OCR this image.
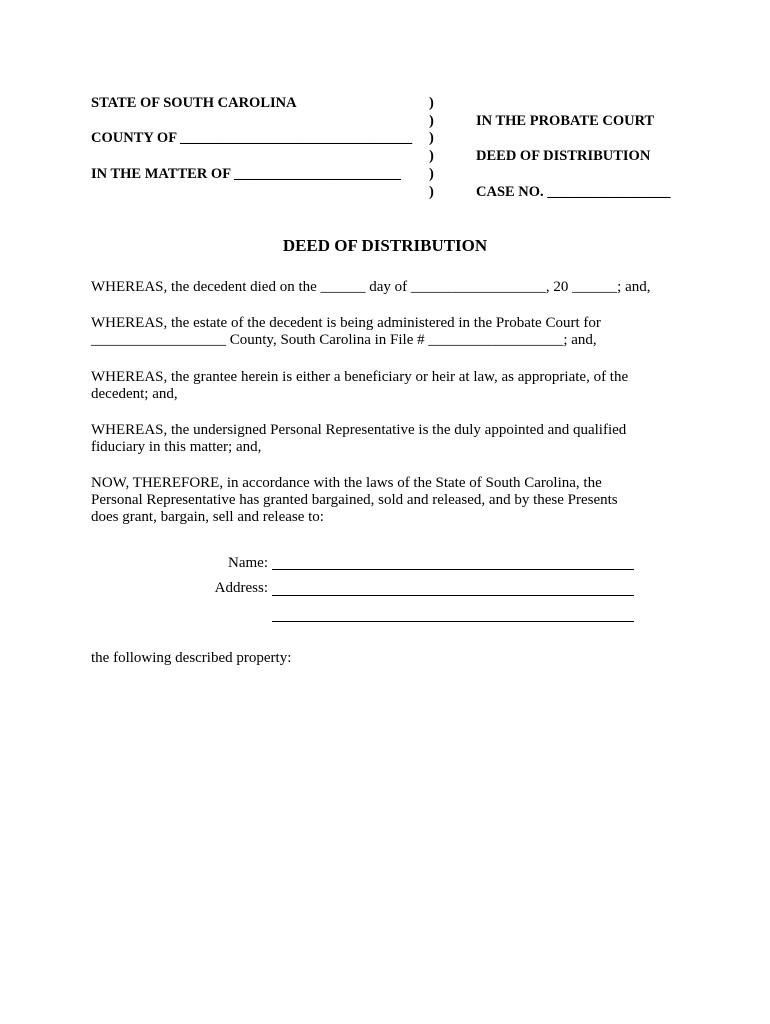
STATE OF SOUTH CAROLINA
COUNTY OF ________________________________
IN THE MATTER OF _______________________
)
)
)
)
)
)
IN THE PROBATE COURT
DEED OF DISTRIBUTION
CASE NO. _________________
DEED OF DISTRIBUTION
WHEREAS, the decedent died on the ______ day of __________________, 20 ______; and,
WHEREAS, the estate of the decedent is being administered in the Probate Court for
__________________ County, South Carolina in File # __________________; and,
WHEREAS, the grantee herein is either a beneficiary or heir at law, as appropriate, of the
decedent; and,
WHEREAS, the undersigned Personal Representative is the duly appointed and qualified
fiduciary in this matter; and,
NOW, THEREFORE, in accordance with the laws of the State of South Carolina, the
Personal Representative has granted bargained, sold and released, and by these Presents
does grant, bargain, sell and release to:
Name:
Address:
the following described property:
